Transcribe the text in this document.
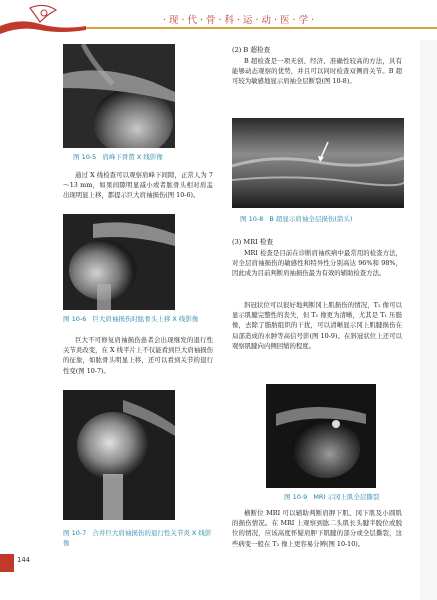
·现·代·骨·科·运·动·医·学·
图 10-5 肩峰下骨赘 X 线影像
通过 X 线检查可以观察肩峰下间隙，正常人为 7～13 mm，如果间隙明显减小或者肱骨头相对肩盂出现明显上移，都提示巨大肩袖损伤(图 10-6)。
图 10-6 巨大肩袖损伤时肱骨头上移 X 线影像
巨大不可修复肩袖损伤患者会出现继发的退行性关节炎改变，在 X 线平片上不仅能看到巨大肩袖损伤的征象，如肱骨头明显上移，还可以看到关节的退行性变(图 10-7)。
图 10-7 合并巨大肩袖损伤的退行性关节炎 X 线影像
(2) B 超检查
B 超检查是一项无创、经济、准确性较高的方法，具有能够动态观察的优势，并且可以同时检查双侧肩关节。B 超可较为敏感地显示肩袖全层断裂(图 10-8)。
图 10-8 B 超显示肩袖全层损伤(箭头)
(3) MRI 检查
MRI 检查是目前在诊断肩袖疾病中最常用的检查方法，对全层肩袖损伤的敏感性和特异性分别高达 96%和 98%，因此成为目前判断肩袖损伤最为有效的辅助检查方法。
斜冠状位可以很好地判断冈上肌损伤的情况，T₂ 像可以显示肌腱完整性的丧失，但 T₁ 像更为清晰，尤其是 T₁ 压脂像，去除了脂肪组织的干扰，可以清晰显示冈上肌腱损伤在局部造成的水肿等高信号影(图 10-9)。在斜冠状位上还可以观察肌腱向内侧回缩的程度。
图 10-9 MRI 示冈上肌全层撕裂
横断位 MRI 可以辅助判断肩胛下肌、冈下肌及小圆肌的损伤情况。在 MRI 上观察到肱二头肌长头腱半脱位或脱位的情况，应该高度怀疑肩胛下肌腱的部分或全层撕裂，这些病变一般在 T₂ 像上更容易分辨(图 10-10)。
144
